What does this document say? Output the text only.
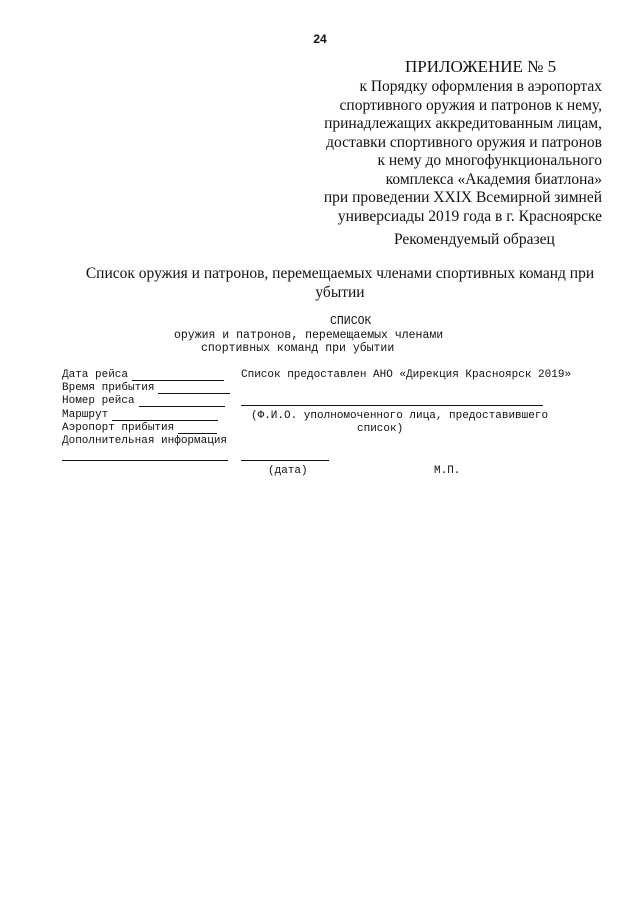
24
ПРИЛОЖЕНИЕ № 5
к Порядку оформления в аэропортах
спортивного оружия и патронов к нему,
принадлежащих аккредитованным лицам,
доставки спортивного оружия и патронов
к нему до многофункционального
комплекса «Академия биатлона»
при проведении XXIX Всемирной зимней
универсиады 2019 года в г. Красноярске
Рекомендуемый образец
Список оружия и патронов, перемещаемых членами спортивных команд при убытии
СПИСОК
оружия и патронов, перемещаемых членами
спортивных команд при убытии
Дата рейса
Время прибытия
Номер рейса
Маршрут
Аэропорт прибытия
Дополнительная информация
Список предоставлен АНО «Дирекция Красноярск 2019»
(Ф.И.О. уполномоченного лица, предоставившего
список)
(дата)	М.П.
